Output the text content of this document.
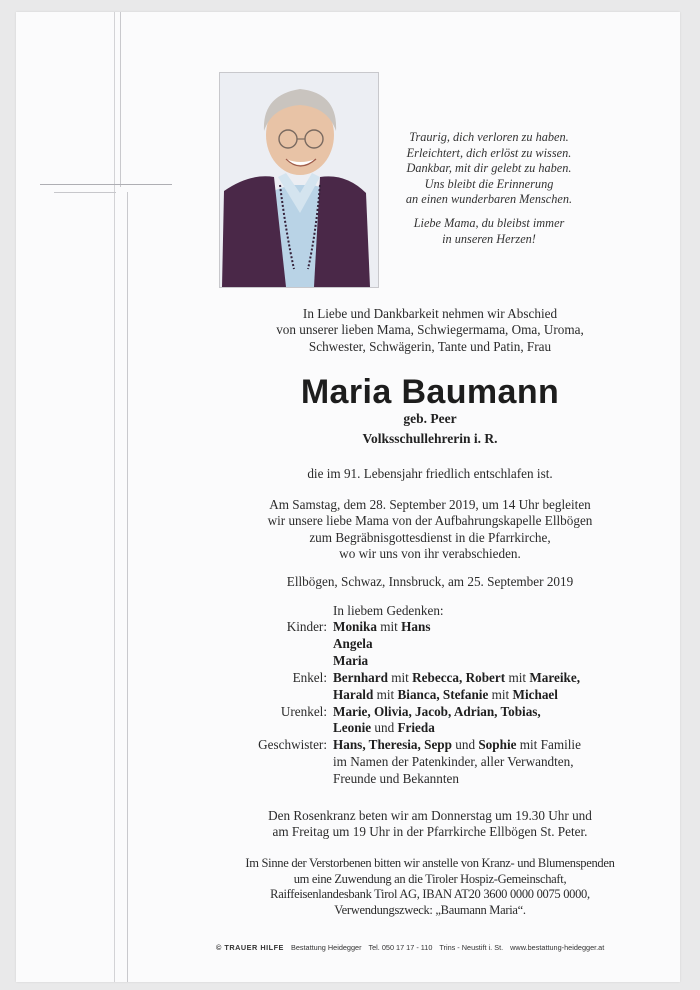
Traurig, dich verloren zu haben.
Erleichtert, dich erlöst zu wissen.
Dankbar, mit dir gelebt zu haben.
Uns bleibt die Erinnerung
an einen wunderbaren Menschen.
Liebe Mama, du bleibst immer
in unseren Herzen!
In Liebe und Dankbarkeit nehmen wir Abschied
von unserer lieben Mama, Schwiegermama, Oma, Uroma,
Schwester, Schwägerin, Tante und Patin, Frau
Maria Baumann
geb. Peer
Volksschullehrerin i. R.
die im 91. Lebensjahr friedlich entschlafen ist.
Am Samstag, dem 28. September 2019, um 14 Uhr begleiten
wir unsere liebe Mama von der Aufbahrungskapelle Ellbögen
zum Begräbnisgottesdienst in die Pfarrkirche,
wo wir uns von ihr verabschieden.
Ellbögen, Schwaz, Innsbruck, am 25. September 2019
In liebem Gedenken:
Kinder: Monika mit Hans
Angela
Maria
Enkel: Bernhard mit Rebecca, Robert mit Mareike,
Harald mit Bianca, Stefanie mit Michael
Urenkel: Marie, Olivia, Jacob, Adrian, Tobias,
Leonie und Frieda
Geschwister: Hans, Theresia, Sepp und Sophie mit Familie
im Namen der Patenkinder, aller Verwandten,
Freunde und Bekannten
Den Rosenkranz beten wir am Donnerstag um 19.30 Uhr und
am Freitag um 19 Uhr in der Pfarrkirche Ellbögen St. Peter.
Im Sinne der Verstorbenen bitten wir anstelle von Kranz- und Blumenspenden
um eine Zuwendung an die Tiroler Hospiz-Gemeinschaft,
Raiffeisenlandesbank Tirol AG, IBAN AT20 3600 0000 0075 0000,
Verwendungszweck: „Baumann Maria“.
© TRAUER HILFE Bestattung Heidegger Tel. 050 17 17 - 110 Trins - Neustift i. St. www.bestattung-heidegger.at
